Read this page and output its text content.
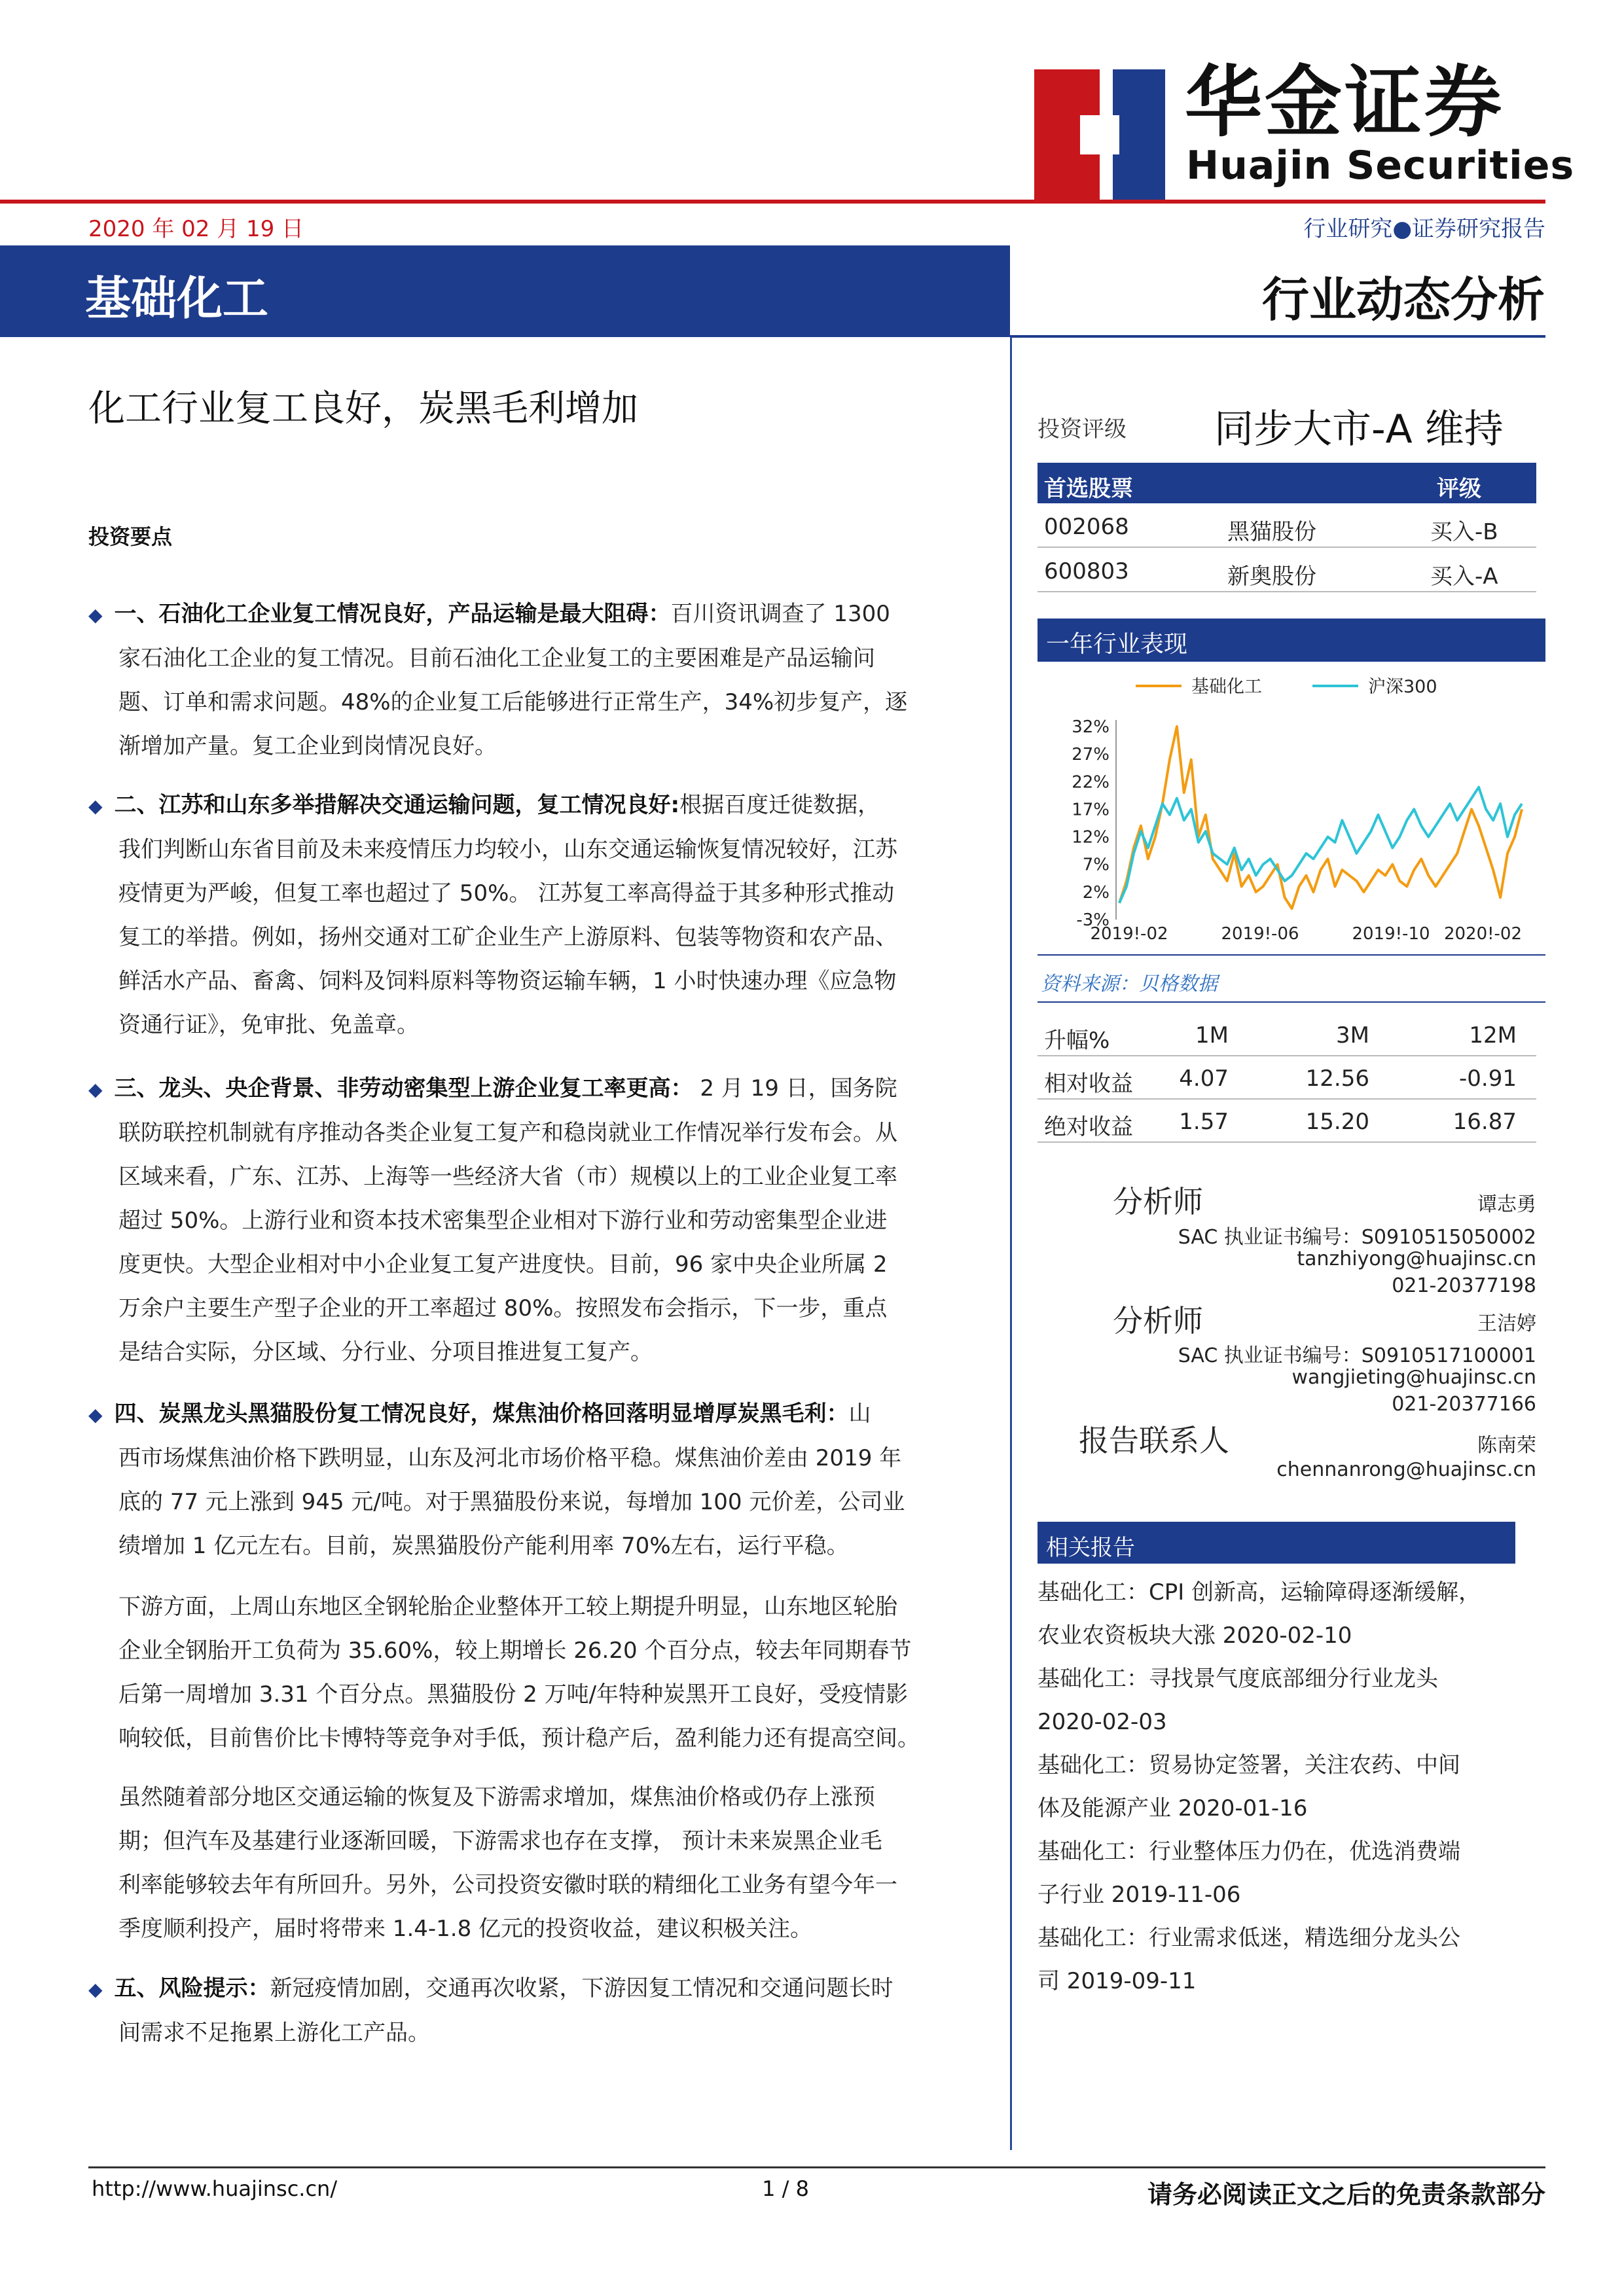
华金证券
Huajin Securities
2020 年 02 月 19 日	行业研究●证券研究报告
基础化工	行业动态分析
化工行业复工良好，炭黑毛利增加
投资要点
◆ 一、石油化工企业复工情况良好，产品运输是最大阻碍：百川资讯调查了 1300
家石油化工企业的复工情况。目前石油化工企业复工的主要困难是产品运输问
题、订单和需求问题。48%的企业复工后能够进行正常生产，34%初步复产，逐
渐增加产量。复工企业到岗情况良好。
◆ 二、江苏和山东多举措解决交通运输问题，复工情况良好:根据百度迁徙数据，
我们判断山东省目前及未来疫情压力均较小，山东交通运输恢复情况较好，江苏
疫情更为严峻，但复工率也超过了 50%。 江苏复工率高得益于其多种形式推动
复工的举措。例如，扬州交通对工矿企业生产上游原料、包装等物资和农产品、
鲜活水产品、畜禽、饲料及饲料原料等物资运输车辆，1 小时快速办理《应急物
资通行证》，免审批、免盖章。
◆ 三、龙头、央企背景、非劳动密集型上游企业复工率更高： 2 月 19 日，国务院
联防联控机制就有序推动各类企业复工复产和稳岗就业工作情况举行发布会。从
区域来看，广东、江苏、上海等一些经济大省（市）规模以上的工业企业复工率
超过 50%。上游行业和资本技术密集型企业相对下游行业和劳动密集型企业进
度更快。大型企业相对中小企业复工复产进度快。目前，96 家中央企业所属 2
万余户主要生产型子企业的开工率超过 80%。按照发布会指示，下一步，重点
是结合实际，分区域、分行业、分项目推进复工复产。
◆ 四、炭黑龙头黑猫股份复工情况良好，煤焦油价格回落明显增厚炭黑毛利：山
西市场煤焦油价格下跌明显，山东及河北市场价格平稳。煤焦油价差由 2019 年
底的 77 元上涨到 945 元/吨。对于黑猫股份来说，每增加 100 元价差，公司业
绩增加 1 亿元左右。目前，炭黑猫股份产能利用率 70%左右，运行平稳。
下游方面，上周山东地区全钢轮胎企业整体开工较上期提升明显，山东地区轮胎
企业全钢胎开工负荷为 35.60%，较上期增长 26.20 个百分点，较去年同期春节
后第一周增加 3.31 个百分点。黑猫股份 2 万吨/年特种炭黑开工良好，受疫情影
响较低，目前售价比卡博特等竞争对手低，预计稳产后，盈利能力还有提高空间。
虽然随着部分地区交通运输的恢复及下游需求增加，煤焦油价格或仍存上涨预
期；但汽车及基建行业逐渐回暖，下游需求也存在支撑， 预计未来炭黑企业毛
利率能够较去年有所回升。另外，公司投资安徽时联的精细化工业务有望今年一
季度顺利投产，届时将带来 1.4-1.8 亿元的投资收益，建议积极关注。
◆ 五、风险提示：新冠疫情加剧，交通再次收紧，下游因复工情况和交通问题长时
间需求不足拖累上游化工产品。
投资评级 同步大市-A 维持
首选股票	评级
002068	黑猫股份	买入-B
600803	新奥股份	买入-A
一年行业表现
基础化工	沪深300
32%
27%
22%
17%
12%
7%
2%
-3%
2019!-02	2019!-06	2019!-10 2020!-02
资料来源：贝格数据
升幅%	1M	3M	12M
相对收益 4.07	12.56	-0.91
绝对收益 1.57	15.20	16.87
分析师	谭志勇
SAC 执业证书编号：S0910515050002
tanzhiyong@huajinsc.cn
021-20377198
分析师	王洁婷
SAC 执业证书编号：S0910517100001
wangjieting@huajinsc.cn
021-20377166
报告联系人	陈南荣
chennanrong@huajinsc.cn
相关报告
基础化工：CPI 创新高，运输障碍逐渐缓解，
农业农资板块大涨 2020-02-10
基础化工：寻找景气度底部细分行业龙头
2020-02-03
基础化工：贸易协定签署，关注农药、中间
体及能源产业 2020-01-16
基础化工：行业整体压力仍在，优选消费端
子行业 2019-11-06
基础化工：行业需求低迷，精选细分龙头公
司 2019-09-11
http://www.huajinsc.cn/	1 / 8	请务必阅读正文之后的免责条款部分
